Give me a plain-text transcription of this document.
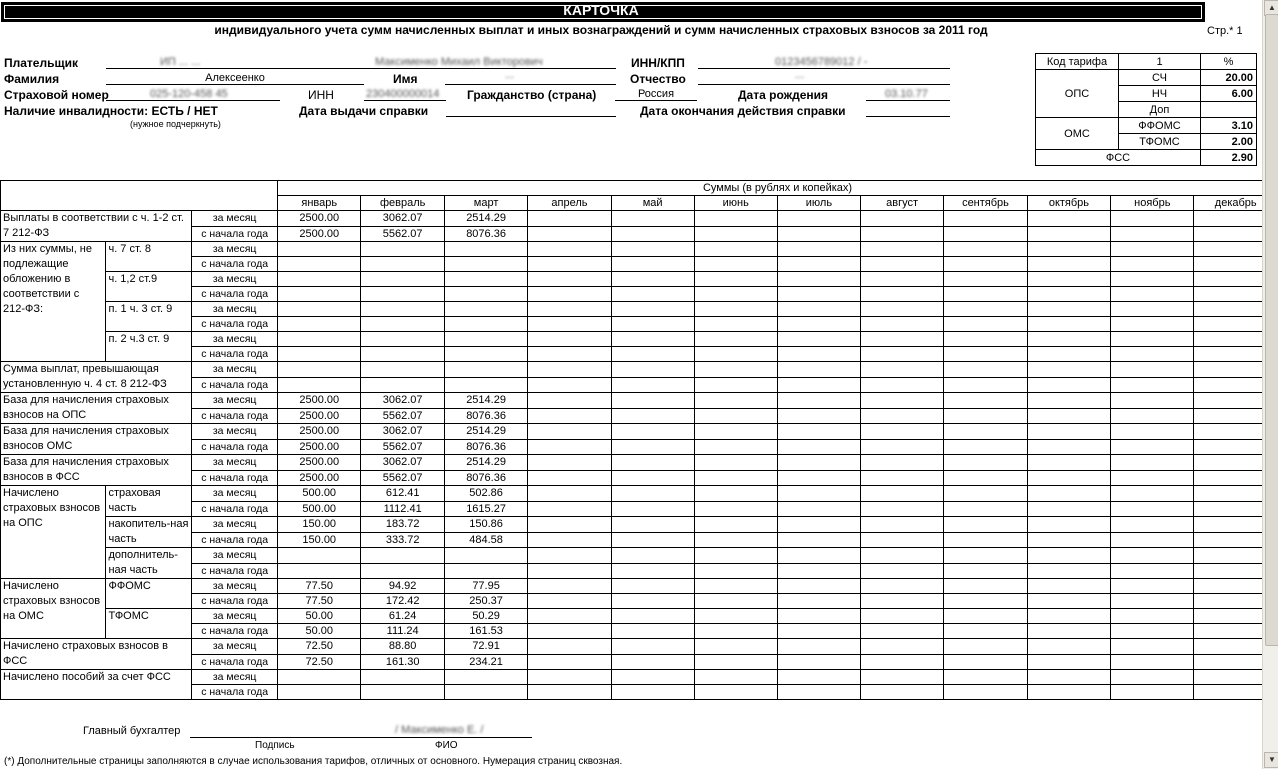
КАРТОЧКА
индивидуального учета сумм начисленных выплат и иных вознаграждений и сумм начисленных страховых взносов за 2011 год	Стр.* 1
Плательщик	ИП ... ...	Максименко Михаил Викторович	ИНН/КПП	0123456789012 / -
Фамилия	Алексеенко	Имя	...	Отчество	...
Страховой номер	025-120-458 45	ИНН	230400000014 Гражданство (страна)	Россия	Дата рождения	03.10.77
Наличие инвалидности: ЕСТЬ / НЕТ
(нужное подчеркнуть)
Дата выдачи справки	Дата окончания действия справки
Код тарифа	1	%
ОПС	СЧ	20.00
	НЧ	6.00
	Доп	
ОМС	ФФОМС	3.10
	ТФОМС	2.00
ФСС		2.90
			Суммы (в рублях и копейках)											
			январь	февраль	март	апрель	май	июнь	июль	август	сентябрь	октябрь	ноябрь	декабрь
Выплаты в соответствии с ч. 1-2 ст. 7 212-ФЗ		за месяц	2500.00	3062.07	2514.29									
		с начала года	2500.00	5562.07	8076.36									
Из них суммы, не подлежащие обложению в соответствии с 212-ФЗ:	ч. 7 ст. 8	за месяц												
		с начала года												
	ч. 1,2 ст.9	за месяц												
		с начала года												
	п. 1 ч. 3 ст. 9	за месяц												
		с начала года												
	п. 2 ч.3 ст. 9	за месяц												
		с начала года												
Сумма выплат, превышающая установленную ч. 4 ст. 8 212-ФЗ		за месяц												
		с начала года												
База для начисления страховых взносов на ОПС		за месяц	2500.00	3062.07	2514.29									
		с начала года	2500.00	5562.07	8076.36									
База для начисления страховых взносов ОМС		за месяц	2500.00	3062.07	2514.29									
		с начала года	2500.00	5562.07	8076.36									
База для начисления страховых взносов в ФСС		за месяц	2500.00	3062.07	2514.29									
		с начала года	2500.00	5562.07	8076.36									
Начислено страховых взносов на ОПС	страховая часть	за месяц	500.00	612.41	502.86									
		с начала года	500.00	1112.41	1615.27									
	накопитель-ная часть	за месяц	150.00	183.72	150.86									
		с начала года	150.00	333.72	484.58									
	дополнитель-ная часть	за месяц												
		с начала года												
Начислено страховых взносов на ОМС	ФФОМС	за месяц	77.50	94.92	77.95									
		с начала года	77.50	172.42	250.37									
	ТФОМС	за месяц	50.00	61.24	50.29									
		с начала года	50.00	111.24	161.53									
Начислено страховых взносов в ФСС		за месяц	72.50	88.80	72.91									
		с начала года	72.50	161.30	234.21									
Начислено пособий за счет ФСС		за месяц												
		с начала года												
Главный бухгалтер	/ Максименко Е. /
Подпись	ФИО
(*) Дополнительные страницы заполняются в случае использования тарифов, отличных от основного. Нумерация страниц сквозная.
▲
▼
